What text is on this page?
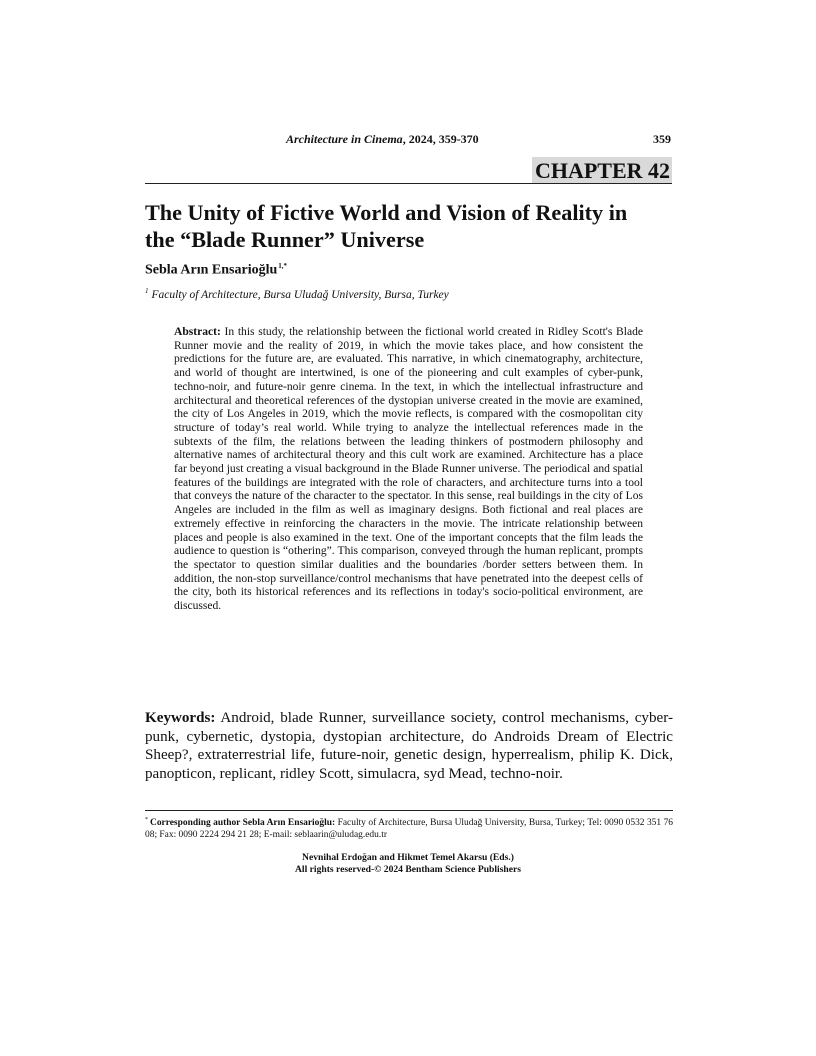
Architecture in Cinema, 2024, 359-370	359
CHAPTER 42
The Unity of Fictive World and Vision of Reality in
the “Blade Runner” Universe
Sebla Arın Ensarioğlu$^{1,*}$
$^1$ Faculty of Architecture, Bursa Uludağ University, Bursa, Turkey

Abstract: In this study, the relationship between the fictional world created in Ridley Scott's Blade Runner movie and the reality of 2019, in which the movie takes place, and how consistent the predictions for the future are, are evaluated. This narrative, in which cinematography, architecture, and world of thought are intertwined, is one of the pioneering and cult examples of cyber-punk, techno-noir, and future-noir genre cinema. In the text, in which the intellectual infrastructure and architectural and theoretical references of the dystopian universe created in the movie are examined, the city of Los Angeles in 2019, which the movie reflects, is compared with the cosmopolitan city structure of today’s real world. While trying to analyze the intellectual references made in the subtexts of the film, the relations between the leading thinkers of postmodern philosophy and alternative names of architectural theory and this cult work are examined. Architecture has a place far beyond just creating a visual background in the Blade Runner universe. The periodical and spatial features of the buildings are integrated with the role of characters, and architecture turns into a tool that conveys the nature of the character to the spectator. In this sense, real buildings in the city of Los Angeles are included in the film as well as imaginary designs. Both fictional and real places are extremely effective in reinforcing the characters in the movie. The intricate relationship between places and people is also examined in the text. One of the important concepts that the film leads the audience to question is “othering”. This comparison, conveyed through the human replicant, prompts the spectator to question similar dualities and the boundaries /border setters between them. In addition, the non-stop surveillance/control mechanisms that have penetrated into the deepest cells of the city, both its historical references and its reflections in today's socio-political environment, are discussed.

Keywords: Android, blade Runner, surveillance society, control mechanisms, cyber-punk, cybernetic, dystopia, dystopian architecture, do Androids Dream of Electric Sheep?, extraterrestrial life, future-noir, genetic design, hyperrealism, philip K. Dick, panopticon, replicant, ridley Scott, simulacra, syd Mead, techno-noir.

* Corresponding author Sebla Arın Ensarioğlu: Faculty of Architecture, Bursa Uludağ University, Bursa, Turkey; Tel: 0090 0532 351 76 08; Fax: 0090 2224 294 21 28; E-mail: seblaarin@uludag.edu.tr

Nevnihal Erdoğan and Hikmet Temel Akarsu (Eds.)
All rights reserved-© 2024 Bentham Science Publishers
